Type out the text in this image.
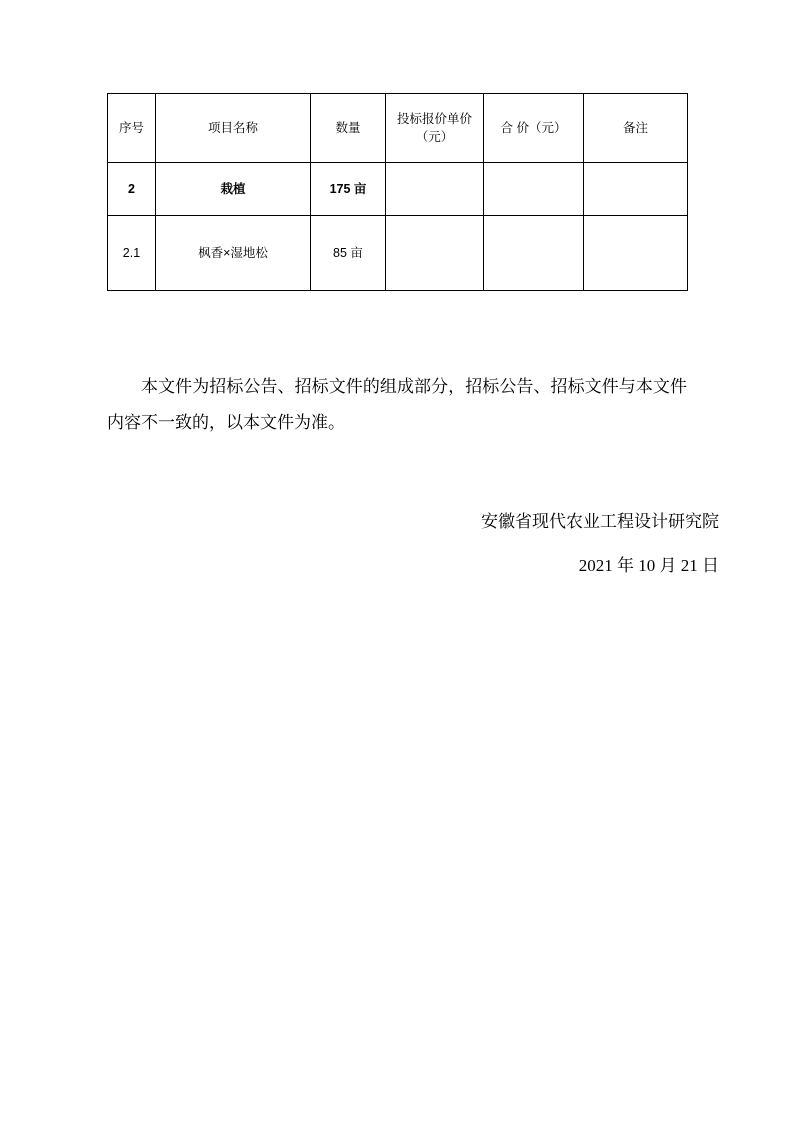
序号	项目名称	数量	投标报价单价（元）	合 价（元）	备注
2	栽植	175 亩			
2.1	枫香×湿地松	85 亩			

本文件为招标公告、招标文件的组成部分，招标公告、招标文件与本文件内容不一致的，以本文件为准。

安徽省现代农业工程设计研究院
2021 年 10 月 21 日
